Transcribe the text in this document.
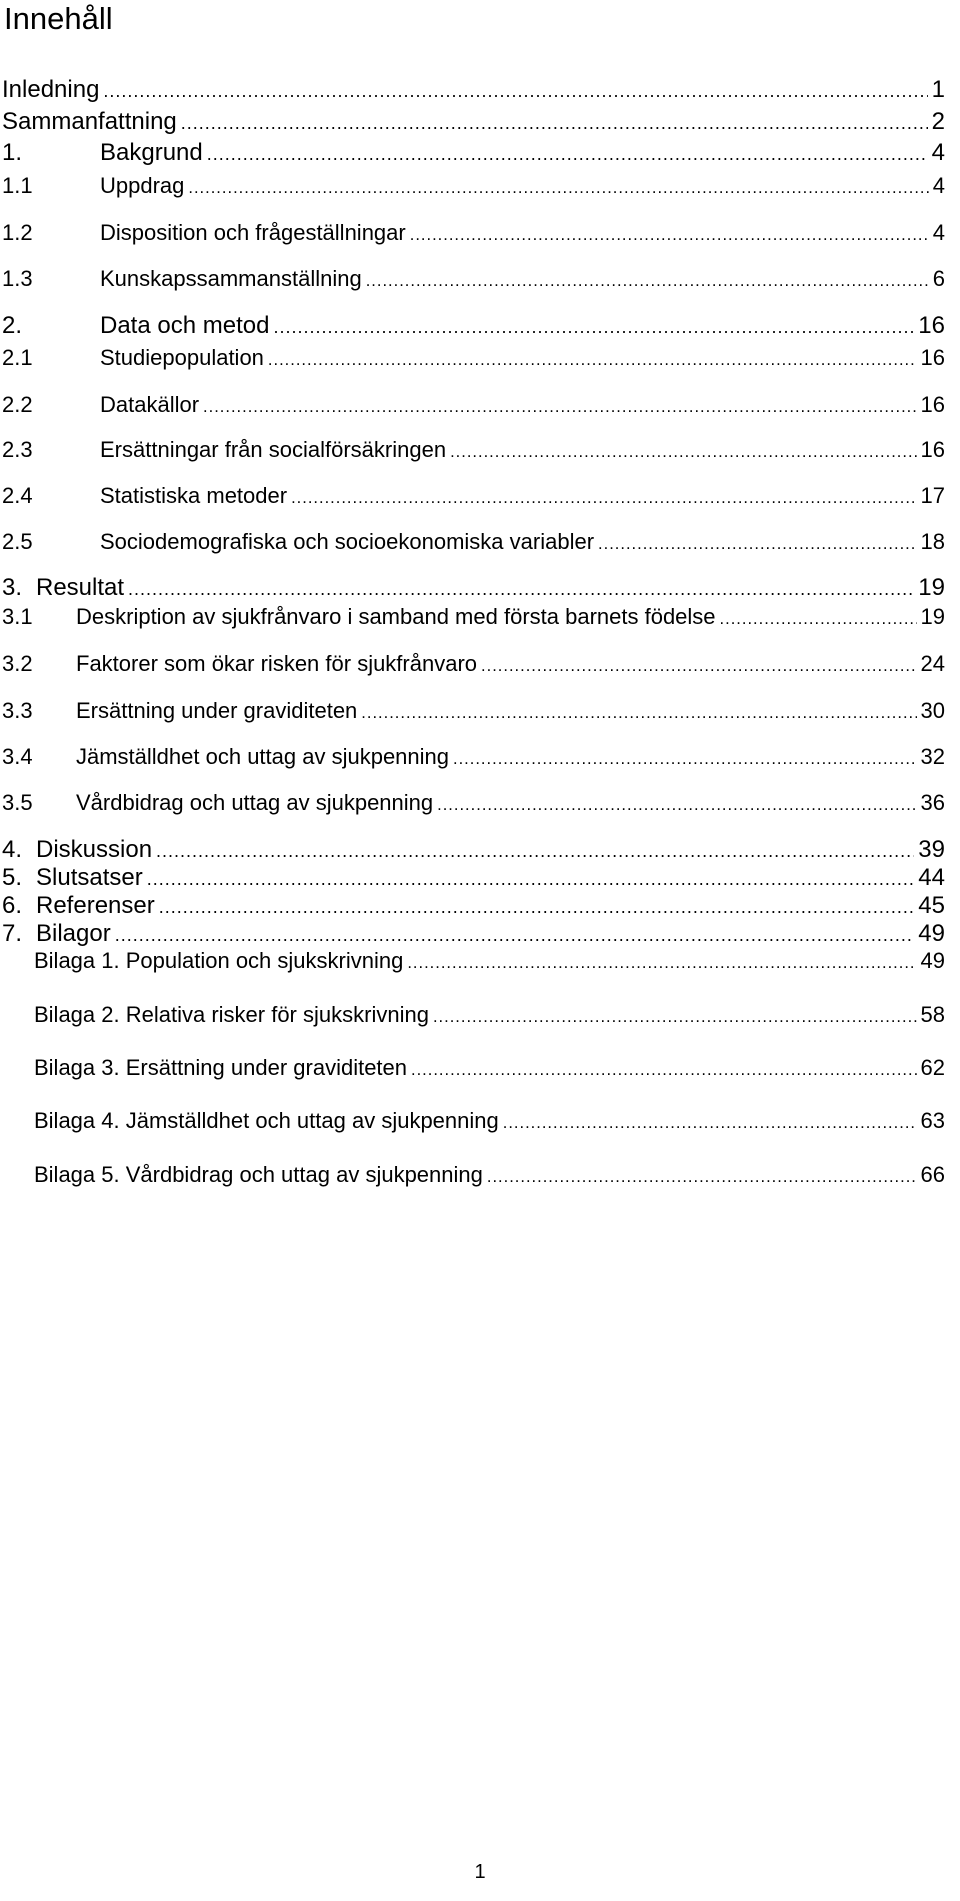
Innehåll
Inledning .....	1
Sammanfattning .....	2
1.	Bakgrund .....	4
1.1	Uppdrag .....	4
1.2	Disposition och frågeställningar .....	4
1.3	Kunskapssammanställning .....	6
2.	Data och metod .....	16
2.1	Studiepopulation .....	16
2.2	Datakällor .....	16
2.3	Ersättningar från socialförsäkringen .....	16
2.4	Statistiska metoder .....	17
2.5	Sociodemografiska och socioekonomiska variabler .....	18
3. Resultat .....	19
3.1	Deskription av sjukfrånvaro i samband med första barnets födelse .....	19
3.2	Faktorer som ökar risken för sjukfrånvaro .....	24
3.3	Ersättning under graviditeten .....	30
3.4	Jämställdhet och uttag av sjukpenning .....	32
3.5	Vårdbidrag och uttag av sjukpenning .....	36
4. Diskussion .....	39
5. Slutsatser .....	44
6. Referenser .....	45
7. Bilagor .....	49
Bilaga 1. Population och sjukskrivning .....	49
Bilaga 2. Relativa risker för sjukskrivning .....	58
Bilaga 3. Ersättning under graviditeten .....	62
Bilaga 4. Jämställdhet och uttag av sjukpenning .....	63
Bilaga 5. Vårdbidrag och uttag av sjukpenning .....	66
1
